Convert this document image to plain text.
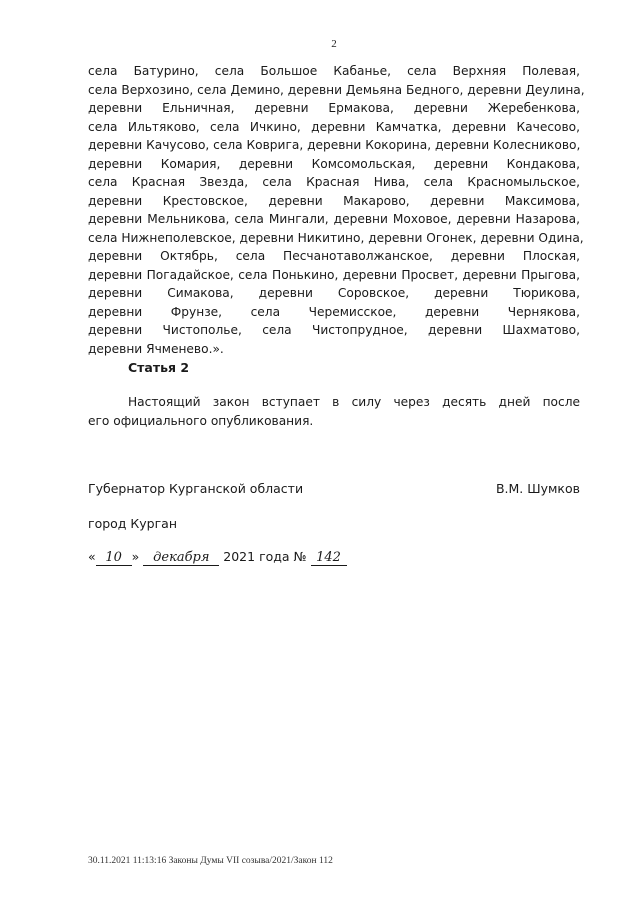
2
села Батурино, села Большое Кабанье, села Верхняя Полевая,
села Верхозино, села Демино, деревни Демьяна Бедного, деревни Деулина,
деревни Ельничная, деревни Ермакова, деревни Жеребенкова,
села Ильтяково, села Ичкино, деревни Камчатка, деревни Качесово,
деревни Качусово, села Коврига, деревни Кокорина, деревни Колесниково,
деревни Комария, деревни Комсомольская, деревни Кондакова,
села Красная Звезда, села Красная Нива, села Красномыльское,
деревни Крестовское, деревни Макарово, деревни Максимова,
деревни Мельникова, села Мингали, деревни Моховое, деревни Назарова,
села Нижнеполевское, деревни Никитино, деревни Огонек, деревни Одина,
деревни Октябрь, села Песчанотаволжанское, деревни Плоская,
деревни Погадайское, села Понькино, деревни Просвет, деревни Прыгова,
деревни Симакова, деревни Соровское, деревни Тюрикова,
деревни Фрунзе, села Черемисское, деревни Чернякова,
деревни Чистополье, села Чистопрудное, деревни Шахматово,
деревни Ячменево.».
Статья 2
Настоящий закон вступает в силу через десять дней после
его официального опубликования.
Губернатор Курганской области	В.М. Шумков
город Курган
« 10 » декабря 2021 года № 142
30.11.2021 11:13:16 Законы Думы VII созыва/2021/Закон 112
